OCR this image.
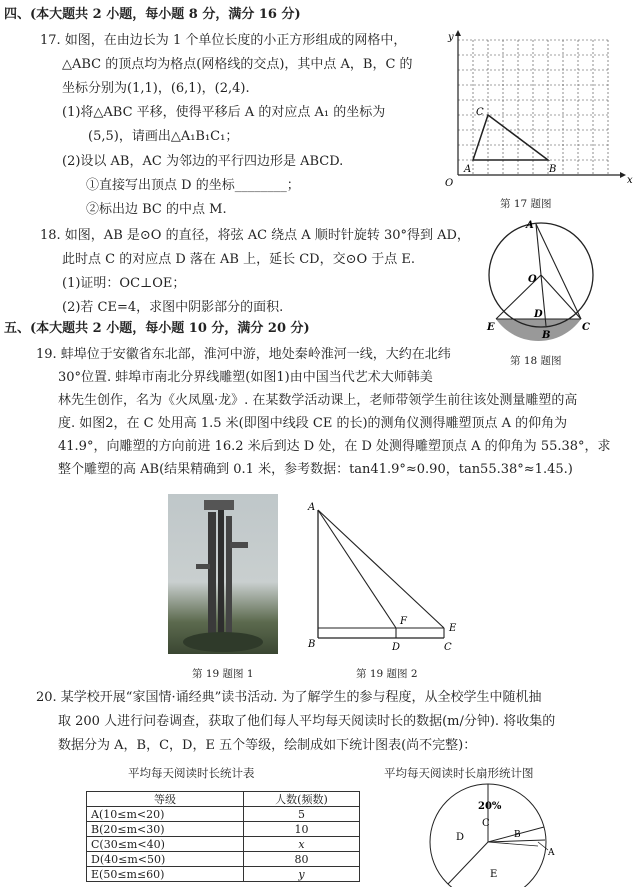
四、(本大题共 2 小题，每小题 8 分，满分 16 分)
17. 如图，在由边长为 1 个单位长度的小正方形组成的网格中，
△ABC 的顶点均为格点(网格线的交点)，其中点 A，B，C 的
坐标分别为(1,1)，(6,1)，(2,4).
(1)将△ABC 平移，使得平移后 A 的对应点 A₁ 的坐标为
(5,5)，请画出△A₁B₁C₁；
(2)设以 AB，AC 为邻边的平行四边形是 ABCD.
①直接写出顶点 D 的坐标________；
②标出边 BC 的中点 M.
y
x
O
A	B
C
第 17 题图
18. 如图，AB 是⊙O 的直径，将弦 AC 绕点 A 顺时针旋转 30°得到 AD，
此时点 C 的对应点 D 落在 AB 上，延长 CD，交⊙O 于点 E.
(1)证明：OC⊥OE；
(2)若 CE=4，求图中阴影部分的面积.
A
O
D
E	C
B
第 18 题图
五、(本大题共 2 小题，每小题 10 分，满分 20 分)
19. 蚌埠位于安徽省东北部，淮河中游，地处秦岭淮河一线，大约在北纬
30°位置. 蚌埠市南北分界线雕塑(如图1)由中国当代艺术大师韩美
林先生创作，名为《火凤凰·龙》. 在某数学活动课上，老师带领学生前往该处测量雕塑的高
度. 如图2，在 C 处用高 1.5 米(即图中线段 CE 的长)的测角仪测得雕塑顶点 A 的仰角为
41.9°，向雕塑的方向前进 16.2 米后到达 D 处，在 D 处测得雕塑顶点 A 的仰角为 55.38°，求
整个雕塑的高 AB(结果精确到 0.1 米，参考数据：tan41.9°≈0.90，tan55.38°≈1.45.)
第 19 题图 1
A
B	D	C
E
F
第 19 题图 2
20. 某学校开展“家国情·诵经典”读书活动. 为了解学生的参与程度，从全校学生中随机抽
取 200 人进行问卷调查，获取了他们每人平均每天阅读时长的数据(m/分钟). 将收集的
数据分为 A，B，C，D，E 五个等级，绘制成如下统计图表(尚不完整)：
平均每天阅读时长统计表
等级	人数(频数)
A(10≤m<20)	5
B(20≤m<30)	10
C(30≤m<40)	x
D(40≤m<50)	80
E(50≤m≤60)	y
平均每天阅读时长扇形统计图
20%
C
B
A
D
E
